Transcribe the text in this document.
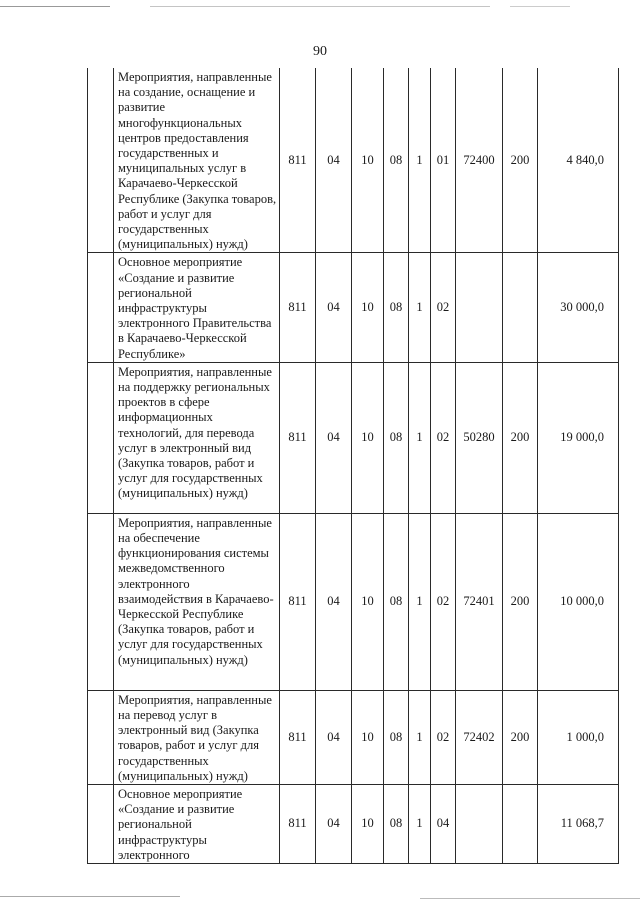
90
	Мероприятия, направленные на создание, оснащение и развитие многофункциональных центров предоставления государственных и муниципальных услуг в Карачаево-Черкесской Республике (Закупка товаров, работ и услуг для государственных (муниципальных) нужд)	811	04	10	08	1	01	72400	200	4 840,0
	Основное мероприятие «Создание и развитие региональной инфраструктуры электронного Правительства в Карачаево-Черкесской Республике»	811	04	10	08	1	02			30 000,0
	Мероприятия, направленные на поддержку региональных проектов в сфере информационных технологий, для перевода услуг в электронный вид (Закупка товаров, работ и услуг для государственных (муниципальных) нужд)	811	04	10	08	1	02	50280	200	19 000,0
	Мероприятия, направленные на обеспечение функционирования системы межведомственного электронного взаимодействия в Карачаево-Черкесской Республике (Закупка товаров, работ и услуг для государственных (муниципальных) нужд)	811	04	10	08	1	02	72401	200	10 000,0
	Мероприятия, направленные на перевод услуг в электронный вид (Закупка товаров, работ и услуг для государственных (муниципальных) нужд)	811	04	10	08	1	02	72402	200	1 000,0
	Основное мероприятие «Создание и развитие региональной инфраструктуры электронного	811	04	10	08	1	04			11 068,7
